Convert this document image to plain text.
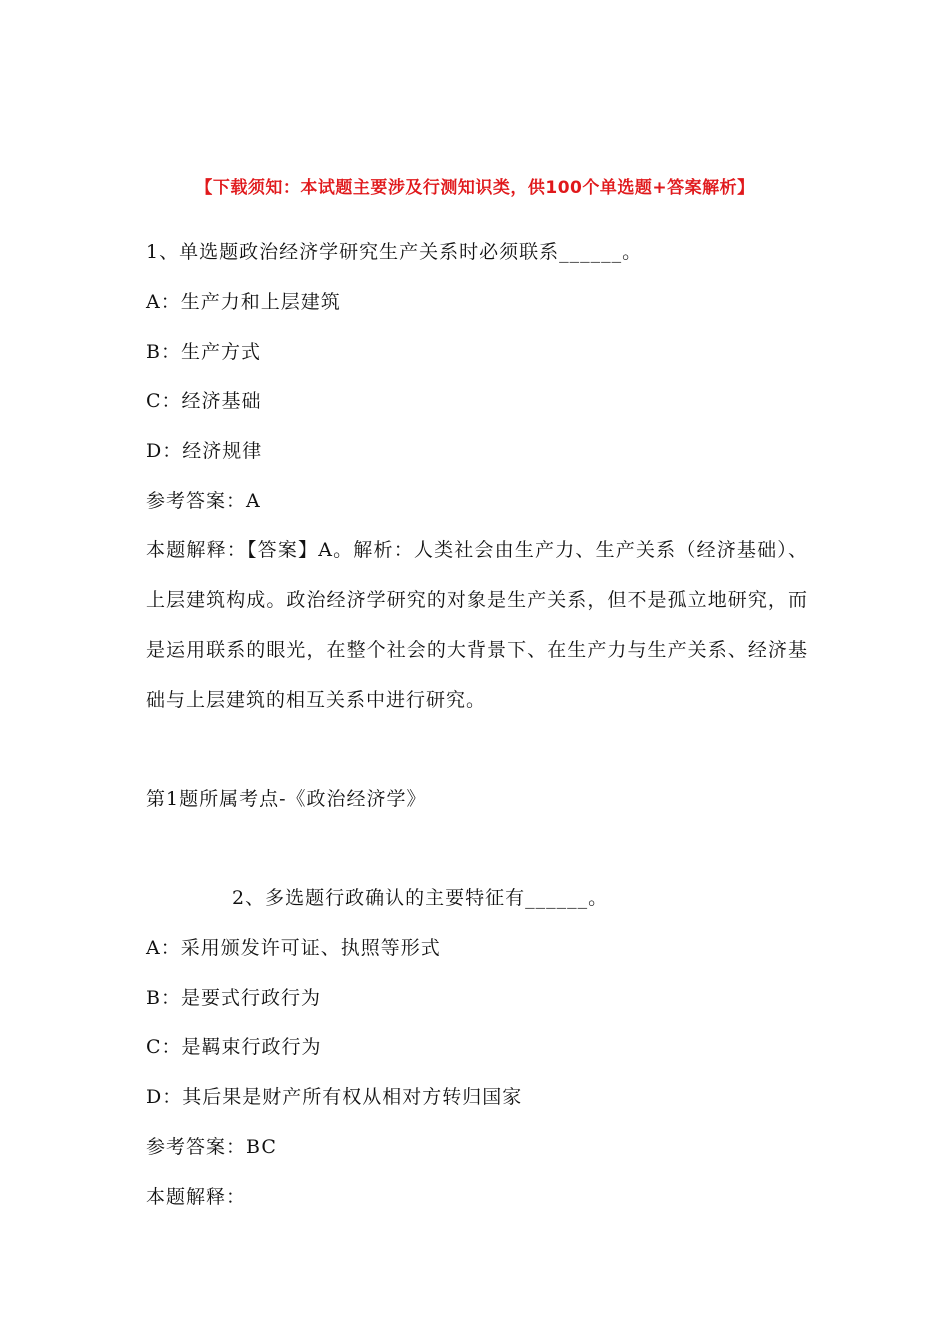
【下载须知：本试题主要涉及行测知识类，供100个单选题+答案解析】
1、单选题政治经济学研究生产关系时必须联系______。
A：生产力和上层建筑
B：生产方式
C：经济基础
D：经济规律
参考答案：A
本题解释：【答案】A。解析：人类社会由生产力、生产关系（经济基础）、上层建筑构成。政治经济学研究的对象是生产关系，但不是孤立地研究，而是运用联系的眼光，在整个社会的大背景下、在生产力与生产关系、经济基础与上层建筑的相互关系中进行研究。
第1题所属考点-《政治经济学》
2、多选题行政确认的主要特征有______。
A：采用颁发许可证、执照等形式
B：是要式行政行为
C：是羁束行政行为
D：其后果是财产所有权从相对方转归国家
参考答案：BC
本题解释：
